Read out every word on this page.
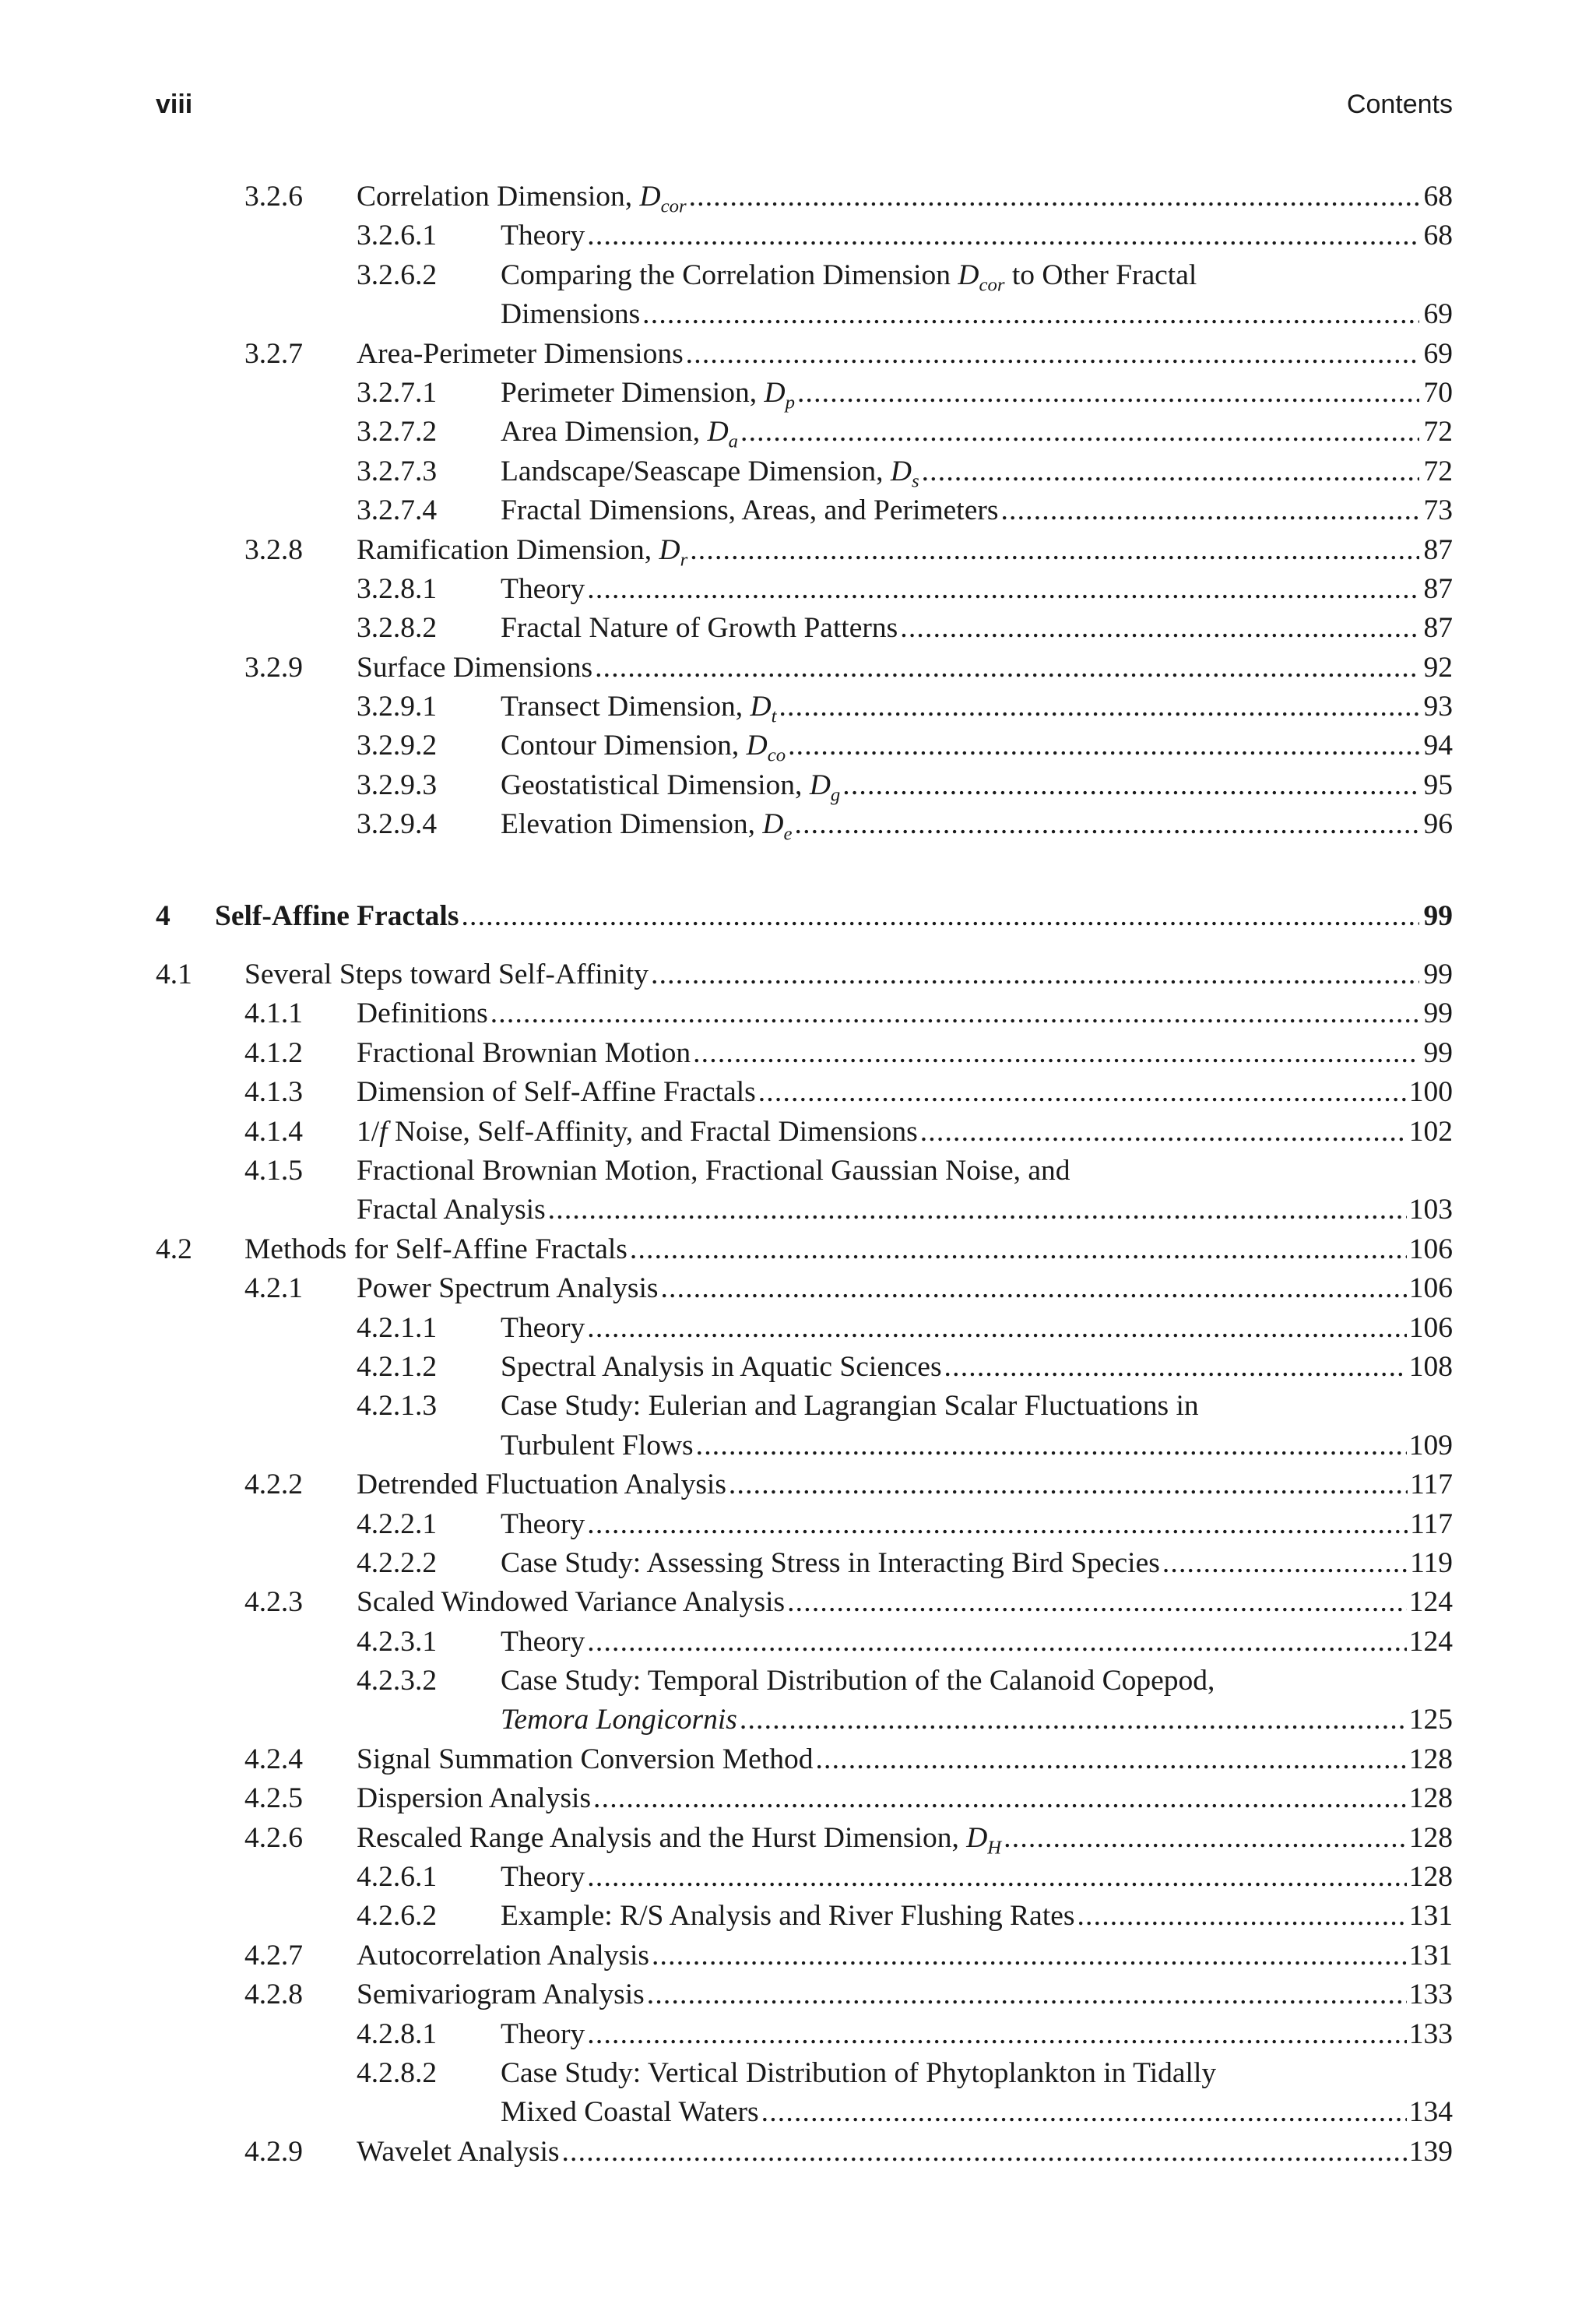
viii	Contents
3.2.6 Correlation Dimension, $D_{cor}$ .....	68
3.2.6.1 Theory .....	68
3.2.6.2 Comparing the Correlation Dimension $D_{cor}$ to Other Fractal
Dimensions .....	69
3.2.7 Area-Perimeter Dimensions .....	69
3.2.7.1 Perimeter Dimension, $D_p$ .....	70
3.2.7.2 Area Dimension, $D_a$ .....	72
3.2.7.3 Landscape/Seascape Dimension, $D_s$ .....	72
3.2.7.4 Fractal Dimensions, Areas, and Perimeters .....	73
3.2.8 Ramification Dimension, $D_r$ .....	87
3.2.8.1 Theory .....	87
3.2.8.2 Fractal Nature of Growth Patterns .....	87
3.2.9 Surface Dimensions .....	92
3.2.9.1 Transect Dimension, $D_t$ .....	93
3.2.9.2 Contour Dimension, $D_{co}$ .....	94
3.2.9.3 Geostatistical Dimension, $D_g$ .....	95
3.2.9.4 Elevation Dimension, $D_e$ .....	96
4 Self-Affine Fractals .....	99
4.1 Several Steps toward Self-Affinity .....	99
4.1.1 Definitions .....	99
4.1.2 Fractional Brownian Motion .....	99
4.1.3 Dimension of Self-Affine Fractals .....	100
4.1.4 1/f Noise, Self-Affinity, and Fractal Dimensions .....	102
4.1.5 Fractional Brownian Motion, Fractional Gaussian Noise, and
Fractal Analysis .....	103
4.2 Methods for Self-Affine Fractals .....	106
4.2.1 Power Spectrum Analysis .....	106
4.2.1.1 Theory .....	106
4.2.1.2 Spectral Analysis in Aquatic Sciences .....	108
4.2.1.3 Case Study: Eulerian and Lagrangian Scalar Fluctuations in
Turbulent Flows .....	109
4.2.2 Detrended Fluctuation Analysis .....	117
4.2.2.1 Theory .....	117
4.2.2.2 Case Study: Assessing Stress in Interacting Bird Species .....	119
4.2.3 Scaled Windowed Variance Analysis .....	124
4.2.3.1 Theory .....	124
4.2.3.2 Case Study: Temporal Distribution of the Calanoid Copepod,
Temora Longicornis .....	125
4.2.4 Signal Summation Conversion Method .....	128
4.2.5 Dispersion Analysis .....	128
4.2.6 Rescaled Range Analysis and the Hurst Dimension, $D_H$ .....	128
4.2.6.1 Theory .....	128
4.2.6.2 Example: R/S Analysis and River Flushing Rates .....	131
4.2.7 Autocorrelation Analysis .....	131
4.2.8 Semivariogram Analysis .....	133
4.2.8.1 Theory .....	133
4.2.8.2 Case Study: Vertical Distribution of Phytoplankton in Tidally
Mixed Coastal Waters .....	134
4.2.9 Wavelet Analysis .....	139
